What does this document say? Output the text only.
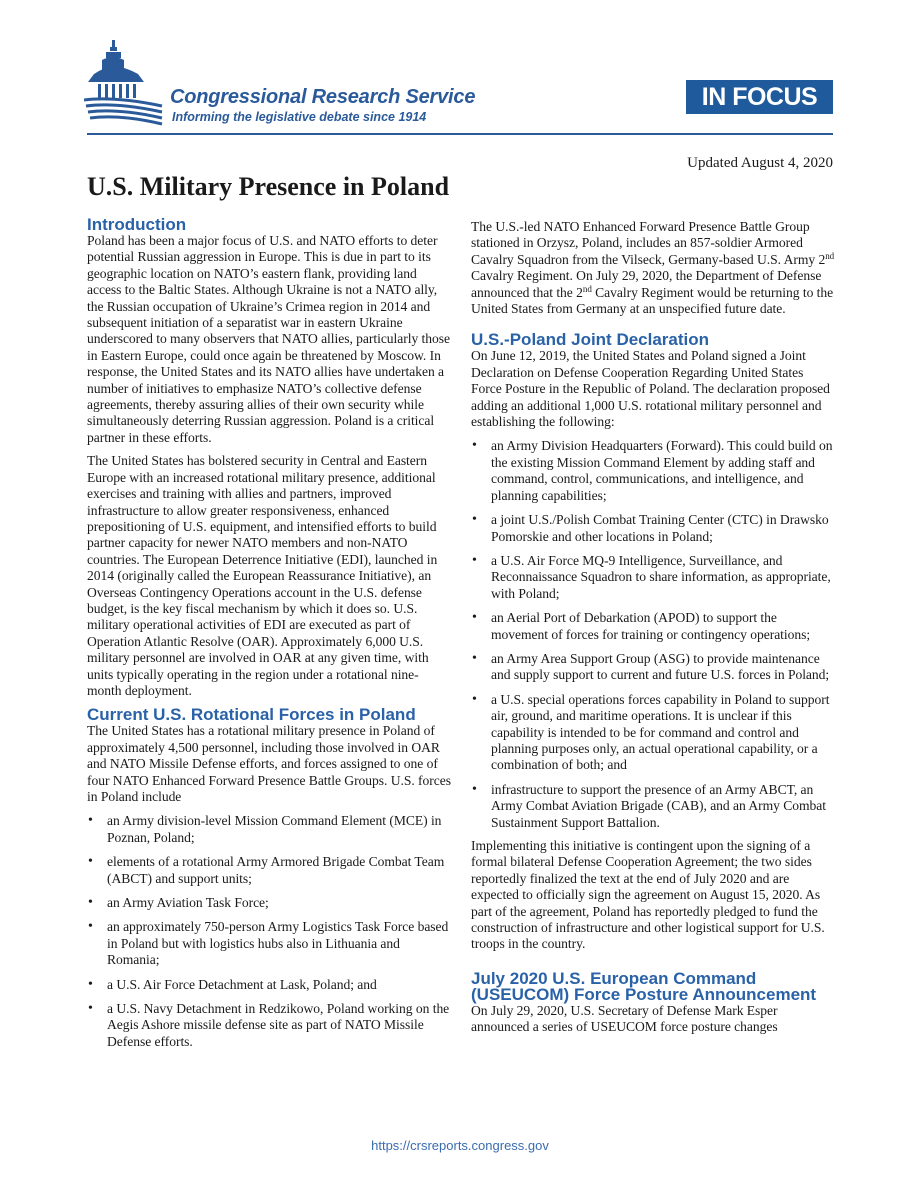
Congressional Research Service
Informing the legislative debate since 1914
IN FOCUS
Updated August 4, 2020
U.S. Military Presence in Poland
Introduction

Poland has been a major focus of U.S. and NATO efforts to deter potential Russian aggression in Europe. This is due in part to its geographic location on NATO’s eastern flank, providing land access to the Baltic States. Although Ukraine is not a NATO ally, the Russian occupation of Ukraine’s Crimea region in 2014 and subsequent initiation of a separatist war in eastern Ukraine underscored to many observers that NATO allies, particularly those in Eastern Europe, could once again be threatened by Moscow. In response, the United States and its NATO allies have undertaken a number of initiatives to emphasize NATO’s collective defense agreements, thereby assuring allies of their own security while simultaneously deterring Russian aggression. Poland is a critical partner in these efforts.

The United States has bolstered security in Central and Eastern Europe with an increased rotational military presence, additional exercises and training with allies and partners, improved infrastructure to allow greater responsiveness, enhanced prepositioning of U.S. equipment, and intensified efforts to build partner capacity for newer NATO members and non-NATO countries. The European Deterrence Initiative (EDI), launched in 2014 (originally called the European Reassurance Initiative), an Overseas Contingency Operations account in the U.S. defense budget, is the key fiscal mechanism by which it does so. U.S. military operational activities of EDI are executed as part of Operation Atlantic Resolve (OAR). Approximately 6,000 U.S. military personnel are involved in OAR at any given time, with units typically operating in the region under a rotational nine-month deployment.

Current U.S. Rotational Forces in Poland

The United States has a rotational military presence in Poland of approximately 4,500 personnel, including those involved in OAR and NATO Missile Defense efforts, and forces assigned to one of four NATO Enhanced Forward Presence Battle Groups. U.S. forces in Poland include

• an Army division-level Mission Command Element (MCE) in Poznan, Poland;
• elements of a rotational Army Armored Brigade Combat Team (ABCT) and support units;
• an Army Aviation Task Force;
• an approximately 750-person Army Logistics Task Force based in Poland but with logistics hubs also in Lithuania and Romania;
• a U.S. Air Force Detachment at Lask, Poland; and
• a U.S. Navy Detachment in Redzikowo, Poland working on the Aegis Ashore missile defense site as part of NATO Missile Defense efforts.

The U.S.-led NATO Enhanced Forward Presence Battle Group stationed in Orzysz, Poland, includes an 857-soldier Armored Cavalry Squadron from the Vilseck, Germany-based U.S. Army 2nd Cavalry Regiment. On July 29, 2020, the Department of Defense announced that the 2nd Cavalry Regiment would be returning to the United States from Germany at an unspecified future date.

U.S.-Poland Joint Declaration

On June 12, 2019, the United States and Poland signed a Joint Declaration on Defense Cooperation Regarding United States Force Posture in the Republic of Poland. The declaration proposed adding an additional 1,000 U.S. rotational military personnel and establishing the following:

• an Army Division Headquarters (Forward). This could build on the existing Mission Command Element by adding staff and command, control, communications, and intelligence, and planning capabilities;
• a joint U.S./Polish Combat Training Center (CTC) in Drawsko Pomorskie and other locations in Poland;
• a U.S. Air Force MQ-9 Intelligence, Surveillance, and Reconnaissance Squadron to share information, as appropriate, with Poland;
• an Aerial Port of Debarkation (APOD) to support the movement of forces for training or contingency operations;
• an Army Area Support Group (ASG) to provide maintenance and supply support to current and future U.S. forces in Poland;
• a U.S. special operations forces capability in Poland to support air, ground, and maritime operations. It is unclear if this capability is intended to be for command and control and planning purposes only, an actual operational capability, or a combination of both; and
• infrastructure to support the presence of an Army ABCT, an Army Combat Aviation Brigade (CAB), and an Army Combat Sustainment Support Battalion.

Implementing this initiative is contingent upon the signing of a formal bilateral Defense Cooperation Agreement; the two sides reportedly finalized the text at the end of July 2020 and are expected to officially sign the agreement on August 15, 2020. As part of the agreement, Poland has reportedly pledged to fund the construction of infrastructure and other logistical support for U.S. troops in the country.

July 2020 U.S. European Command (USEUCOM) Force Posture Announcement

On July 29, 2020, U.S. Secretary of Defense Mark Esper announced a series of USEUCOM force posture changes

https://crsreports.congress.gov
